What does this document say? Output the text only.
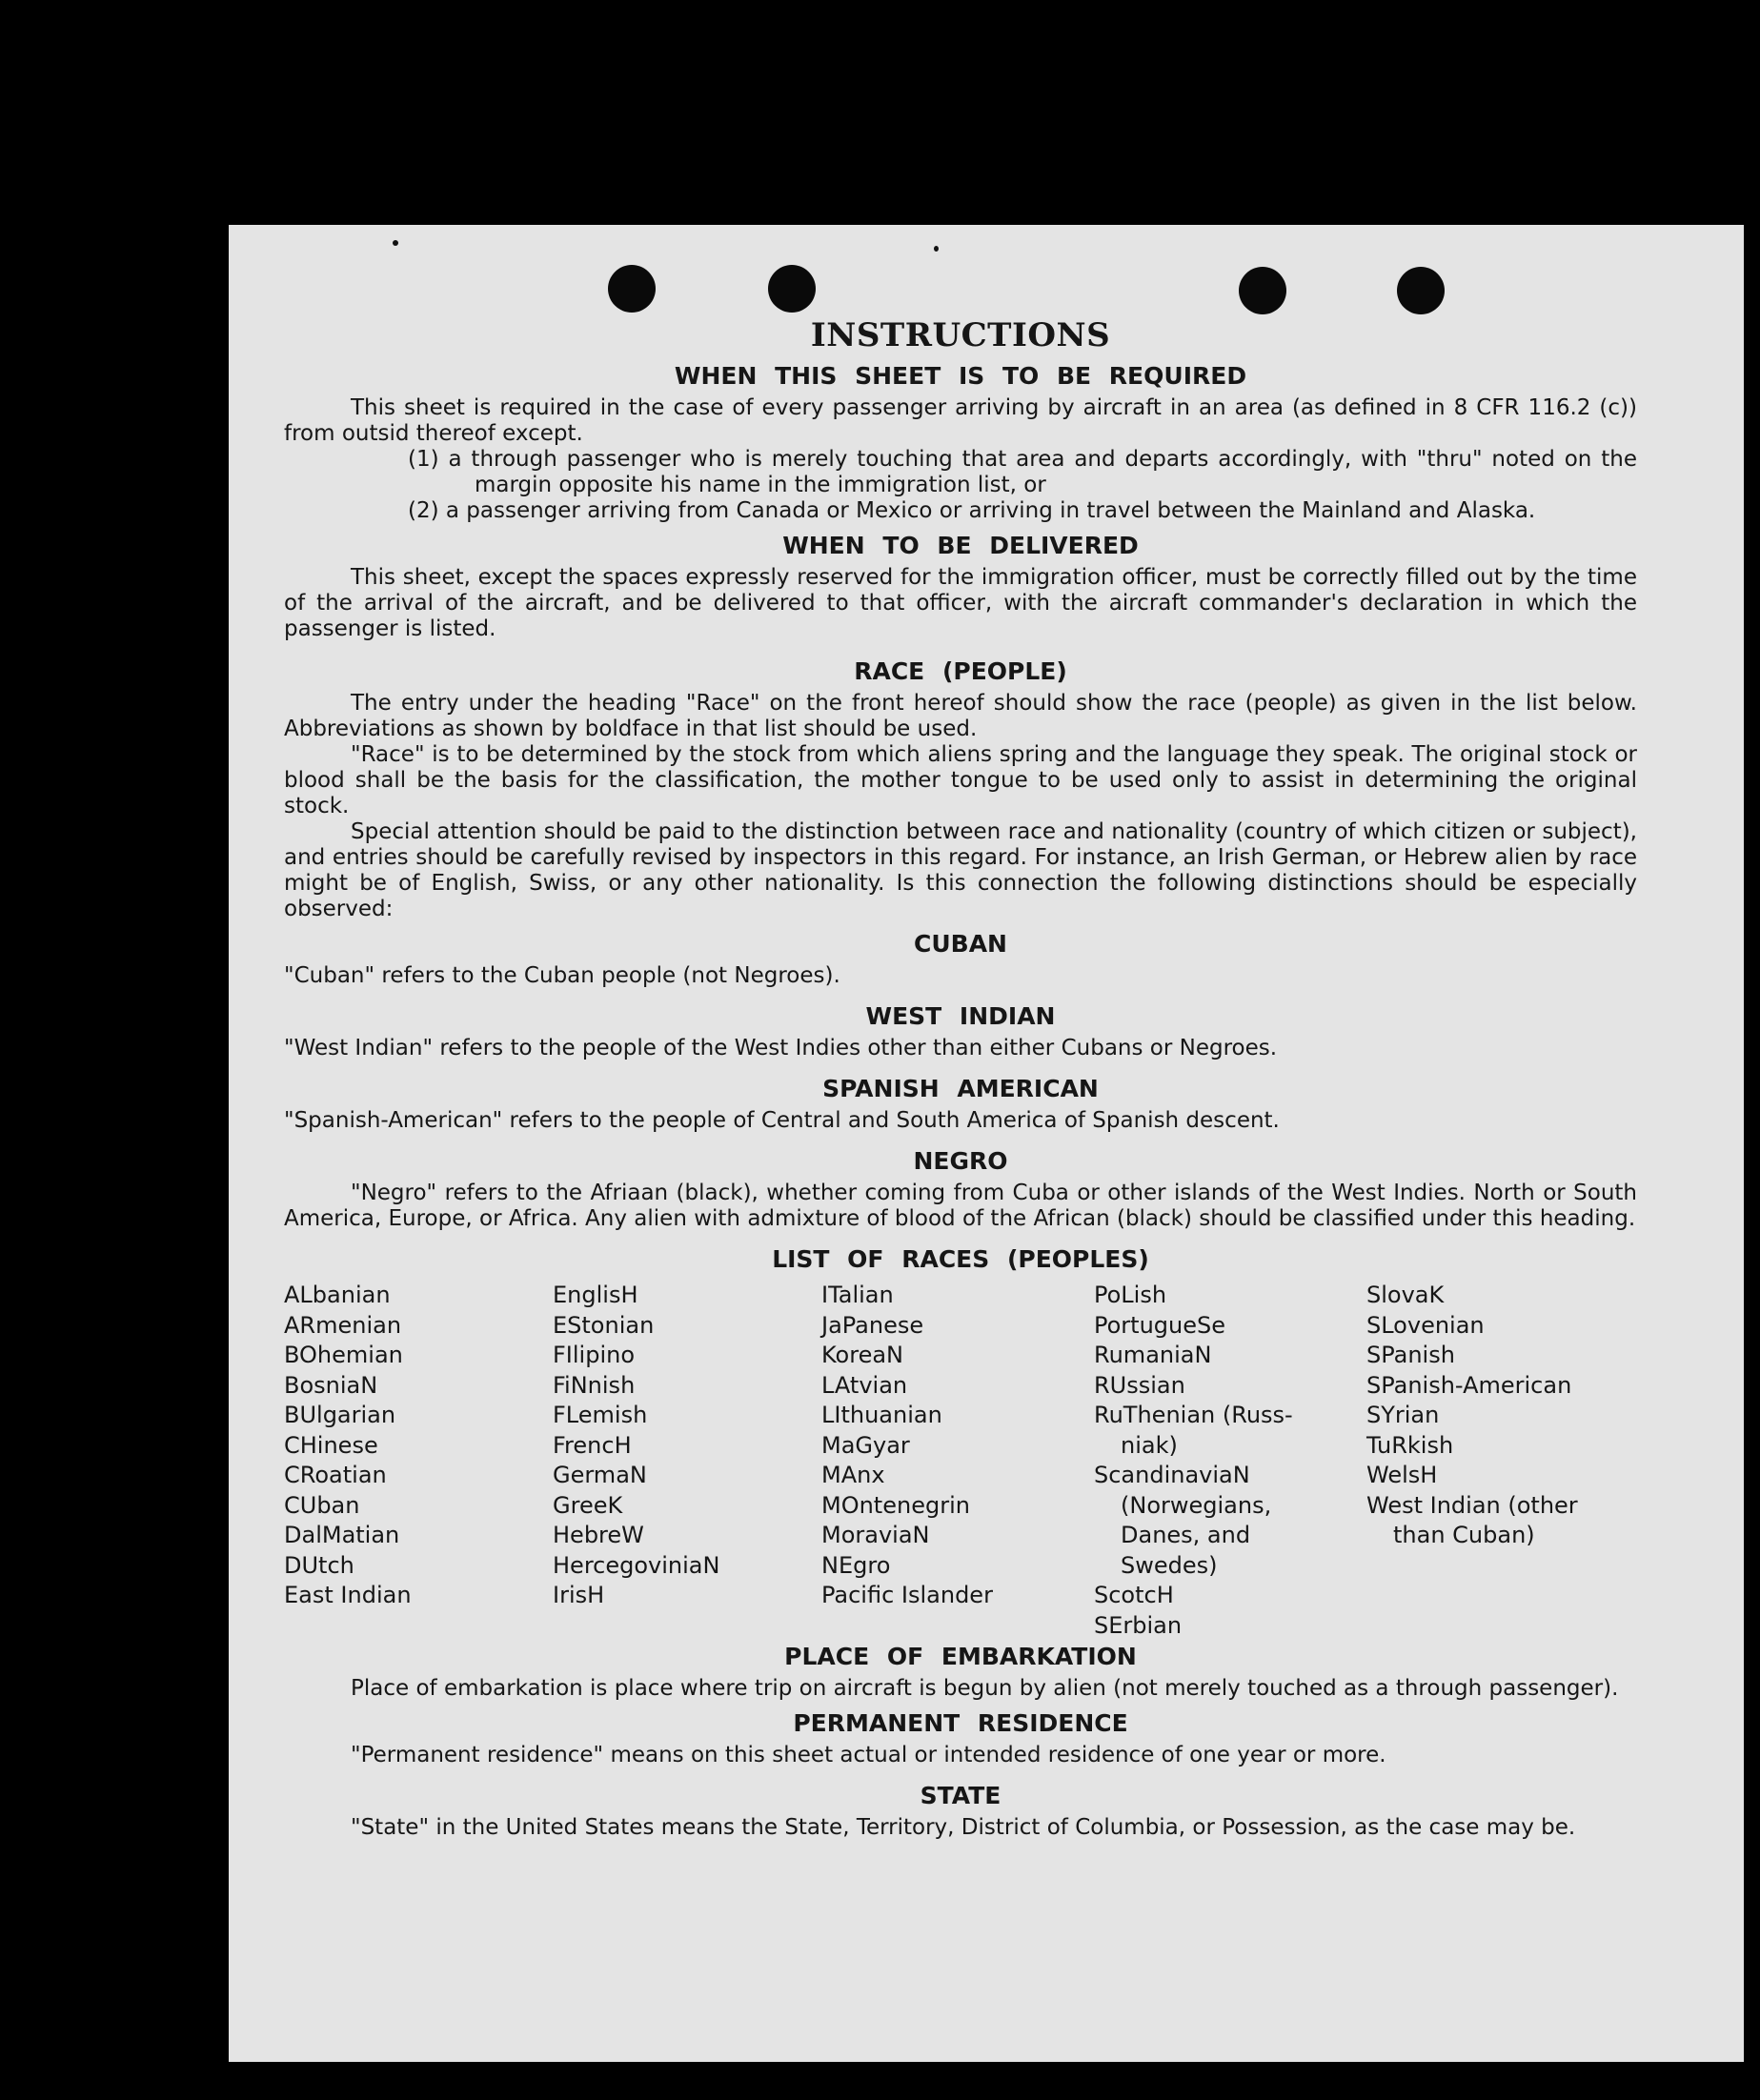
INSTRUCTIONS
WHEN THIS SHEET IS TO BE REQUIRED

This sheet is required in the case of every passenger arriving by aircraft in an area (as defined in 8 CFR 116.2 (c)) from outsid thereof except.

(1) a through passenger who is merely touching that area and departs accordingly, with "thru" noted on the margin opposite his name in the immigration list, or

(2) a passenger arriving from Canada or Mexico or arriving in travel between the Mainland and Alaska.

WHEN TO BE DELIVERED

This sheet, except the spaces expressly reserved for the immigration officer, must be correctly filled out by the time of the arrival of the aircraft, and be delivered to that officer, with the aircraft commander's declaration in which the passenger is listed.

RACE (PEOPLE)

The entry under the heading "Race" on the front hereof should show the race (people) as given in the list below. Abbreviations as shown by boldface in that list should be used.

"Race" is to be determined by the stock from which aliens spring and the language they speak. The original stock or blood shall be the basis for the classification, the mother tongue to be used only to assist in determining the original stock.

Special attention should be paid to the distinction between race and nationality (country of which citizen or subject), and entries should be carefully revised by inspectors in this regard. For instance, an Irish German, or Hebrew alien by race might be of English, Swiss, or any other nationality. Is this connection the following distinctions should be especially observed:

CUBAN

"Cuban" refers to the Cuban people (not Negroes).

WEST INDIAN

"West Indian" refers to the people of the West Indies other than either Cubans or Negroes.

SPANISH AMERICAN

"Spanish-American" refers to the people of Central and South America of Spanish descent.

NEGRO

"Negro" refers to the Afriaan (black), whether coming from Cuba or other islands of the West Indies. North or South America, Europe, or Africa. Any alien with admixture of blood of the African (black) should be classified under this heading.

LIST OF RACES (PEOPLES)
ALbanian
ARmenian
BOhemian
BosniaN
BUlgarian
CHinese
CRoatian
CUban
DalMatian
DUtch
East Indian
EnglisH
EStonian
FIlipino
FiNnish
FLemish
FrencH
GermaN
GreeK
HebreW
HercegoviniaN
IrisH
ITalian
JaPanese
KoreaN
LAtvian
LIthuanian
MaGyar
MAnx
MOntenegrin
MoraviaN
NEgro
Pacific Islander
PoLish
PortugueSe
RumaniaN
RUssian
RuThenian (Russ-niak)
ScandinaviaN (Norwegians, Danes, and Swedes)
ScotcH
SErbian
SlovaK
SLovenian
SPanish
SPanish-American
SYrian
TuRkish
WelsH
West Indian (other than Cuban)
PLACE OF EMBARKATION

Place of embarkation is place where trip on aircraft is begun by alien (not merely touched as a through passenger).

PERMANENT RESIDENCE

"Permanent residence" means on this sheet actual or intended residence of one year or more.

STATE

"State" in the United States means the State, Territory, District of Columbia, or Possession, as the case may be.
